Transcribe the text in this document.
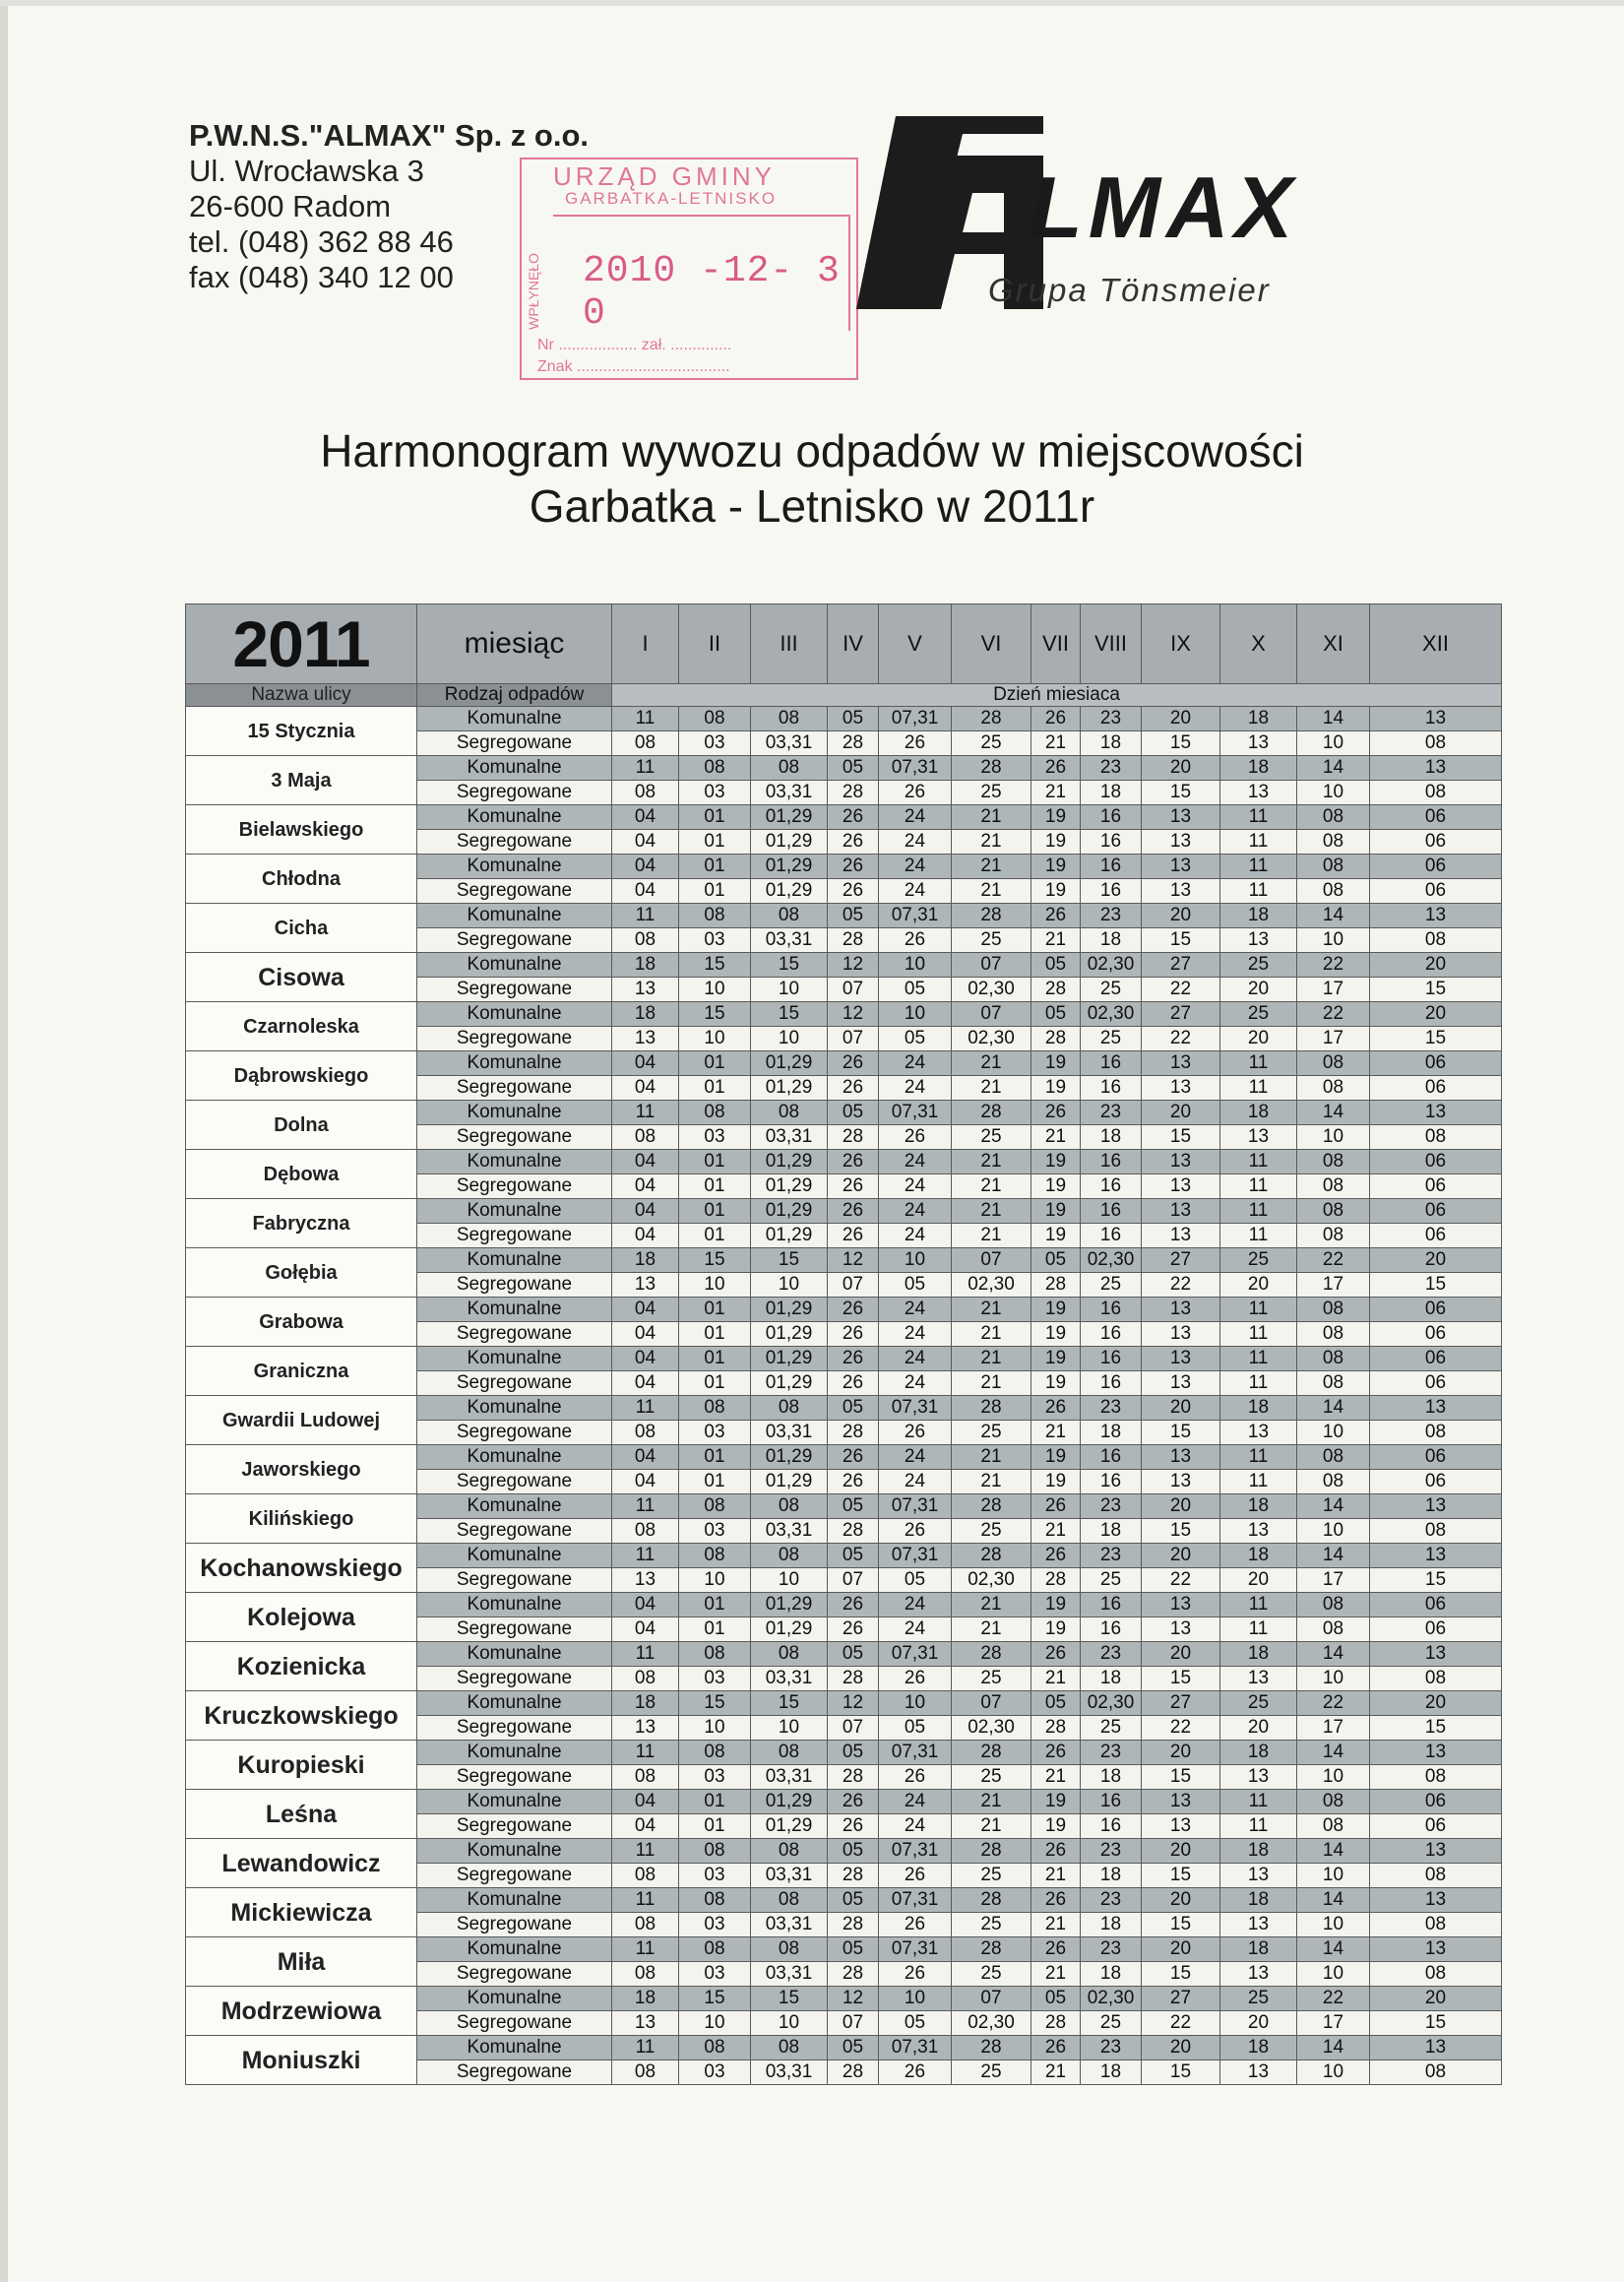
P.W.N.S."ALMAX" Sp. z o.o.
Ul. Wrocławska 3
26-600 Radom
tel. (048) 362 88 46
fax (048) 340 12 00
URZĄD GMINY
GARBATKA-LETNISKO
WPŁYNĘŁO 2010 -12- 3 0
Nr .................. zał. ..............
Znak ...................................
LMAX
Grupa Tönsmeier
Harmonogram wywozu odpadów w miejscowości
Garbatka - Letnisko w 2011r
2011	miesiąc	I	II	III	IV	V	VI	VII	VIII	IX	X	XI	XII
Nazwa ulicy	Rodzaj odpadów	Dzień miesiaca											
15 Stycznia	Komunalne	11	08	08	05	07,31	28	26	23	20	18	14	13
	Segregowane	08	03	03,31	28	26	25	21	18	15	13	10	08
3 Maja	Komunalne	11	08	08	05	07,31	28	26	23	20	18	14	13
	Segregowane	08	03	03,31	28	26	25	21	18	15	13	10	08
Bielawskiego	Komunalne	04	01	01,29	26	24	21	19	16	13	11	08	06
	Segregowane	04	01	01,29	26	24	21	19	16	13	11	08	06
Chłodna	Komunalne	04	01	01,29	26	24	21	19	16	13	11	08	06
	Segregowane	04	01	01,29	26	24	21	19	16	13	11	08	06
Cicha	Komunalne	11	08	08	05	07,31	28	26	23	20	18	14	13
	Segregowane	08	03	03,31	28	26	25	21	18	15	13	10	08
Cisowa	Komunalne	18	15	15	12	10	07	05	02,30	27	25	22	20
	Segregowane	13	10	10	07	05	02,30	28	25	22	20	17	15
Czarnoleska	Komunalne	18	15	15	12	10	07	05	02,30	27	25	22	20
	Segregowane	13	10	10	07	05	02,30	28	25	22	20	17	15
Dąbrowskiego	Komunalne	04	01	01,29	26	24	21	19	16	13	11	08	06
	Segregowane	04	01	01,29	26	24	21	19	16	13	11	08	06
Dolna	Komunalne	11	08	08	05	07,31	28	26	23	20	18	14	13
	Segregowane	08	03	03,31	28	26	25	21	18	15	13	10	08
Dębowa	Komunalne	04	01	01,29	26	24	21	19	16	13	11	08	06
	Segregowane	04	01	01,29	26	24	21	19	16	13	11	08	06
Fabryczna	Komunalne	04	01	01,29	26	24	21	19	16	13	11	08	06
	Segregowane	04	01	01,29	26	24	21	19	16	13	11	08	06
Gołębia	Komunalne	18	15	15	12	10	07	05	02,30	27	25	22	20
	Segregowane	13	10	10	07	05	02,30	28	25	22	20	17	15
Grabowa	Komunalne	04	01	01,29	26	24	21	19	16	13	11	08	06
	Segregowane	04	01	01,29	26	24	21	19	16	13	11	08	06
Graniczna	Komunalne	04	01	01,29	26	24	21	19	16	13	11	08	06
	Segregowane	04	01	01,29	26	24	21	19	16	13	11	08	06
Gwardii Ludowej	Komunalne	11	08	08	05	07,31	28	26	23	20	18	14	13
	Segregowane	08	03	03,31	28	26	25	21	18	15	13	10	08
Jaworskiego	Komunalne	04	01	01,29	26	24	21	19	16	13	11	08	06
	Segregowane	04	01	01,29	26	24	21	19	16	13	11	08	06
Kilińskiego	Komunalne	11	08	08	05	07,31	28	26	23	20	18	14	13
	Segregowane	08	03	03,31	28	26	25	21	18	15	13	10	08
Kochanowskiego	Komunalne	11	08	08	05	07,31	28	26	23	20	18	14	13
	Segregowane	13	10	10	07	05	02,30	28	25	22	20	17	15
Kolejowa	Komunalne	04	01	01,29	26	24	21	19	16	13	11	08	06
	Segregowane	04	01	01,29	26	24	21	19	16	13	11	08	06
Kozienicka	Komunalne	11	08	08	05	07,31	28	26	23	20	18	14	13
	Segregowane	08	03	03,31	28	26	25	21	18	15	13	10	08
Kruczkowskiego	Komunalne	18	15	15	12	10	07	05	02,30	27	25	22	20
	Segregowane	13	10	10	07	05	02,30	28	25	22	20	17	15
Kuropieski	Komunalne	11	08	08	05	07,31	28	26	23	20	18	14	13
	Segregowane	08	03	03,31	28	26	25	21	18	15	13	10	08
Leśna	Komunalne	04	01	01,29	26	24	21	19	16	13	11	08	06
	Segregowane	04	01	01,29	26	24	21	19	16	13	11	08	06
Lewandowicz	Komunalne	11	08	08	05	07,31	28	26	23	20	18	14	13
	Segregowane	08	03	03,31	28	26	25	21	18	15	13	10	08
Mickiewicza	Komunalne	11	08	08	05	07,31	28	26	23	20	18	14	13
	Segregowane	08	03	03,31	28	26	25	21	18	15	13	10	08
Miła	Komunalne	11	08	08	05	07,31	28	26	23	20	18	14	13
	Segregowane	08	03	03,31	28	26	25	21	18	15	13	10	08
Modrzewiowa	Komunalne	18	15	15	12	10	07	05	02,30	27	25	22	20
	Segregowane	13	10	10	07	05	02,30	28	25	22	20	17	15
Moniuszki	Komunalne	11	08	08	05	07,31	28	26	23	20	18	14	13
	Segregowane	08	03	03,31	28	26	25	21	18	15	13	10	08
